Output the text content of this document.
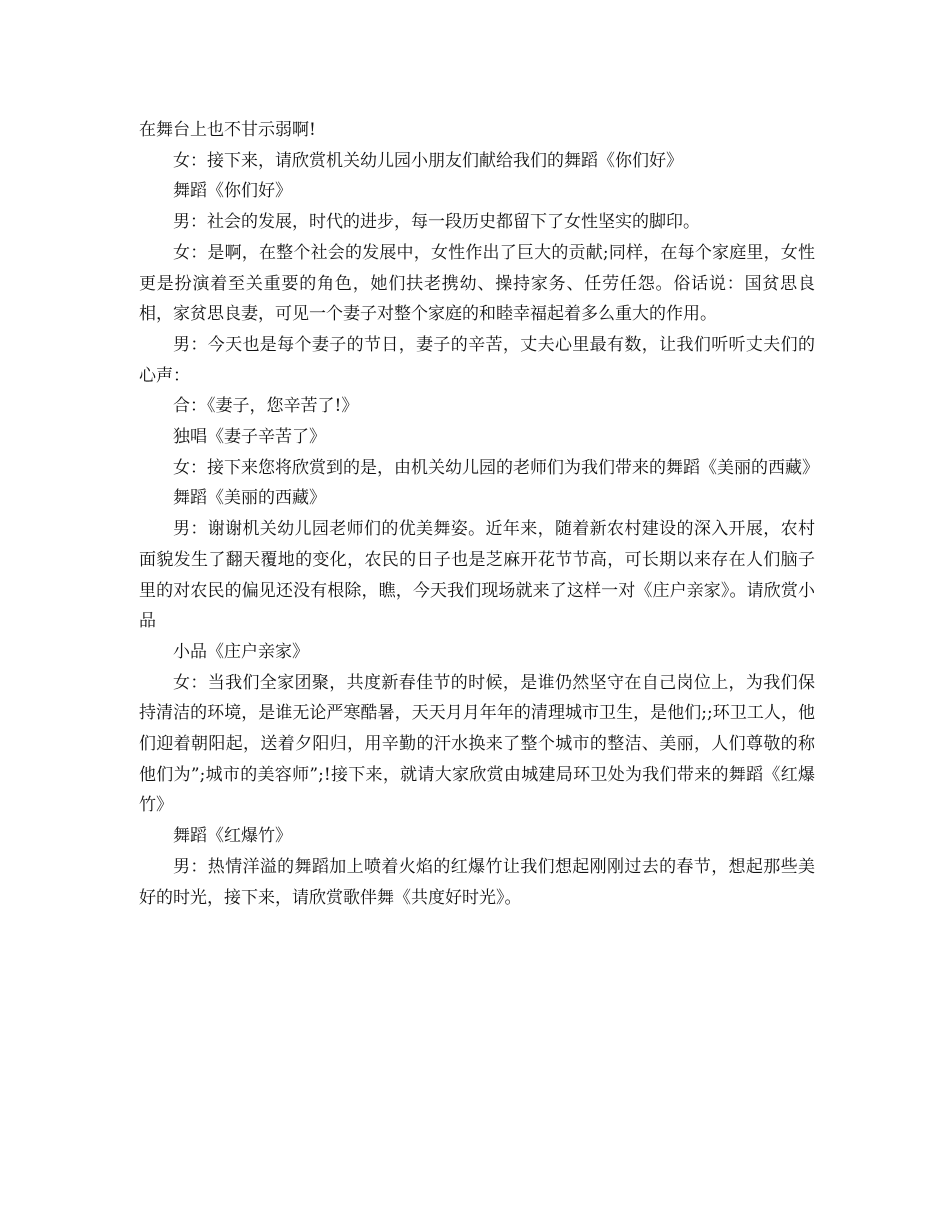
在舞台上也不甘示弱啊!

女：接下来，请欣赏机关幼儿园小朋友们献给我们的舞蹈《你们好》

舞蹈《你们好》

男：社会的发展，时代的进步，每一段历史都留下了女性坚实的脚印。

女：是啊，在整个社会的发展中，女性作出了巨大的贡献;同样，在每个家庭里，女性更是扮演着至关重要的角色，她们扶老携幼、操持家务、任劳任怨。俗话说：国贫思良相，家贫思良妻，可见一个妻子对整个家庭的和睦幸福起着多么重大的作用。

男：今天也是每个妻子的节日，妻子的辛苦，丈夫心里最有数，让我们听听丈夫们的心声：

合：《妻子，您辛苦了!》

独唱《妻子辛苦了》

女：接下来您将欣赏到的是，由机关幼儿园的老师们为我们带来的舞蹈《美丽的西藏》

舞蹈《美丽的西藏》

男：谢谢机关幼儿园老师们的优美舞姿。近年来，随着新农村建设的深入开展，农村面貌发生了翻天覆地的变化，农民的日子也是芝麻开花节节高，可长期以来存在人们脑子里的对农民的偏见还没有根除，瞧，今天我们现场就来了这样一对《庄户亲家》。请欣赏小品

小品《庄户亲家》

女：当我们全家团聚，共度新春佳节的时候，是谁仍然坚守在自己岗位上，为我们保持清洁的环境，是谁无论严寒酷暑，天天月月年年的清理城市卫生，是他们;;环卫工人，他们迎着朝阳起，送着夕阳归，用辛勤的汗水换来了整个城市的整洁、美丽，人们尊敬的称他们为”;城市的美容师”;!接下来，就请大家欣赏由城建局环卫处为我们带来的舞蹈《红爆竹》

舞蹈《红爆竹》

男：热情洋溢的舞蹈加上喷着火焰的红爆竹让我们想起刚刚过去的春节，想起那些美好的时光，接下来，请欣赏歌伴舞《共度好时光》。
